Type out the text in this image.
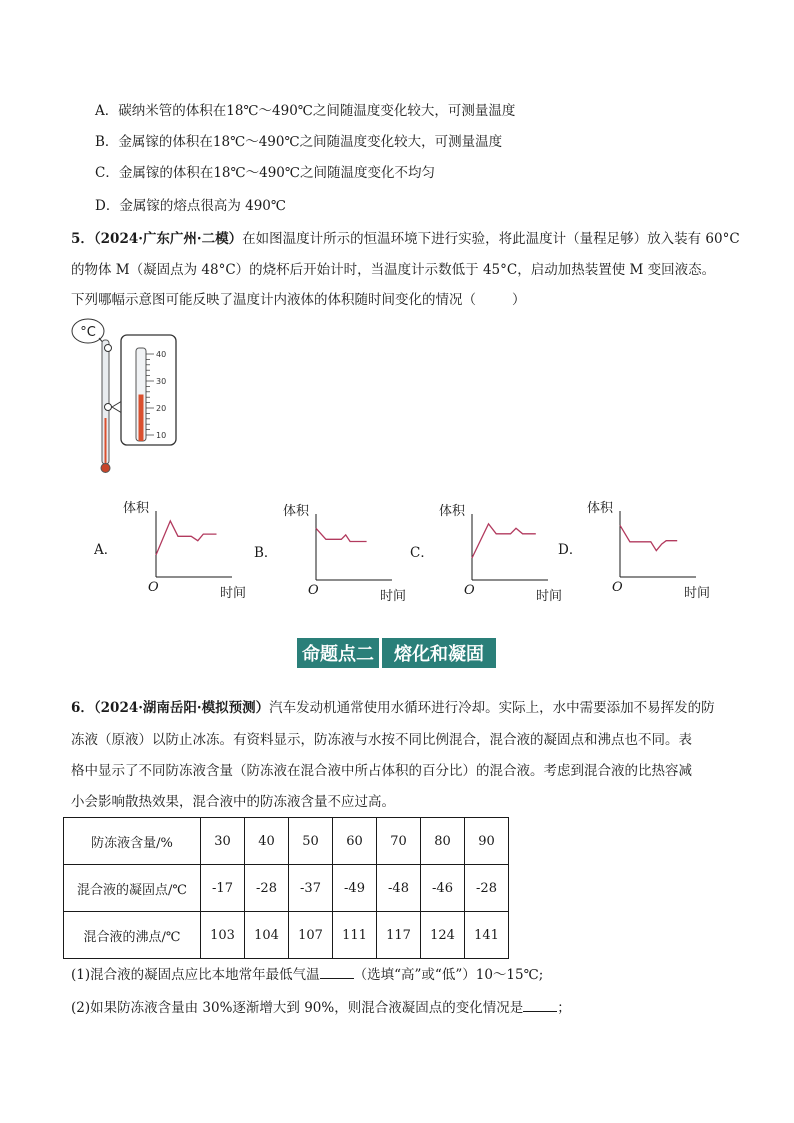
A．碳纳米管的体积在18℃～490℃之间随温度变化较大，可测量温度
B．金属镓的体积在18℃～490℃之间随温度变化较大，可测量温度
C．金属镓的体积在18℃～490℃之间随温度变化不均匀
D．金属镓的熔点很高为 490℃
5．（2024·广东广州·二模）在如图温度计所示的恒温环境下进行实验，将此温度计（量程足够）放入装有 60°C
的物体 M（凝固点为 48°C）的烧杯后开始计时，当温度计示数低于 45°C，启动加热装置使 M 变回液态。
下列哪幅示意图可能反映了温度计内液体的体积随时间变化的情况（	）
°C
40
30
20
10
A．
体积
O	时间
B．
体积
O	时间
C．
体积
O	时间
D．
体积
O	时间
命题点二	熔化和凝固
6．（2024·湖南岳阳·模拟预测）汽车发动机通常使用水循环进行冷却。实际上，水中需要添加不易挥发的防
冻液（原液）以防止冰冻。有资料显示，防冻液与水按不同比例混合，混合液的凝固点和沸点也不同。表
格中显示了不同防冻液含量（防冻液在混合液中所占体积的百分比）的混合液。考虑到混合液的比热容减
小会影响散热效果，混合液中的防冻液含量不应过高。
防冻液含量/%	30	40	50	60	70	80	90
混合液的凝固点/℃	-17	-28	-37	-49	-48	-46	-28
混合液的沸点/℃	103	104	107	111	117	124	141
(1)混合液的凝固点应比本地常年最低气温	（选填“高”或“低”）10～15℃;
(2)如果防冻液含量由 30%逐渐增大到 90%，则混合液凝固点的变化情况是	；
